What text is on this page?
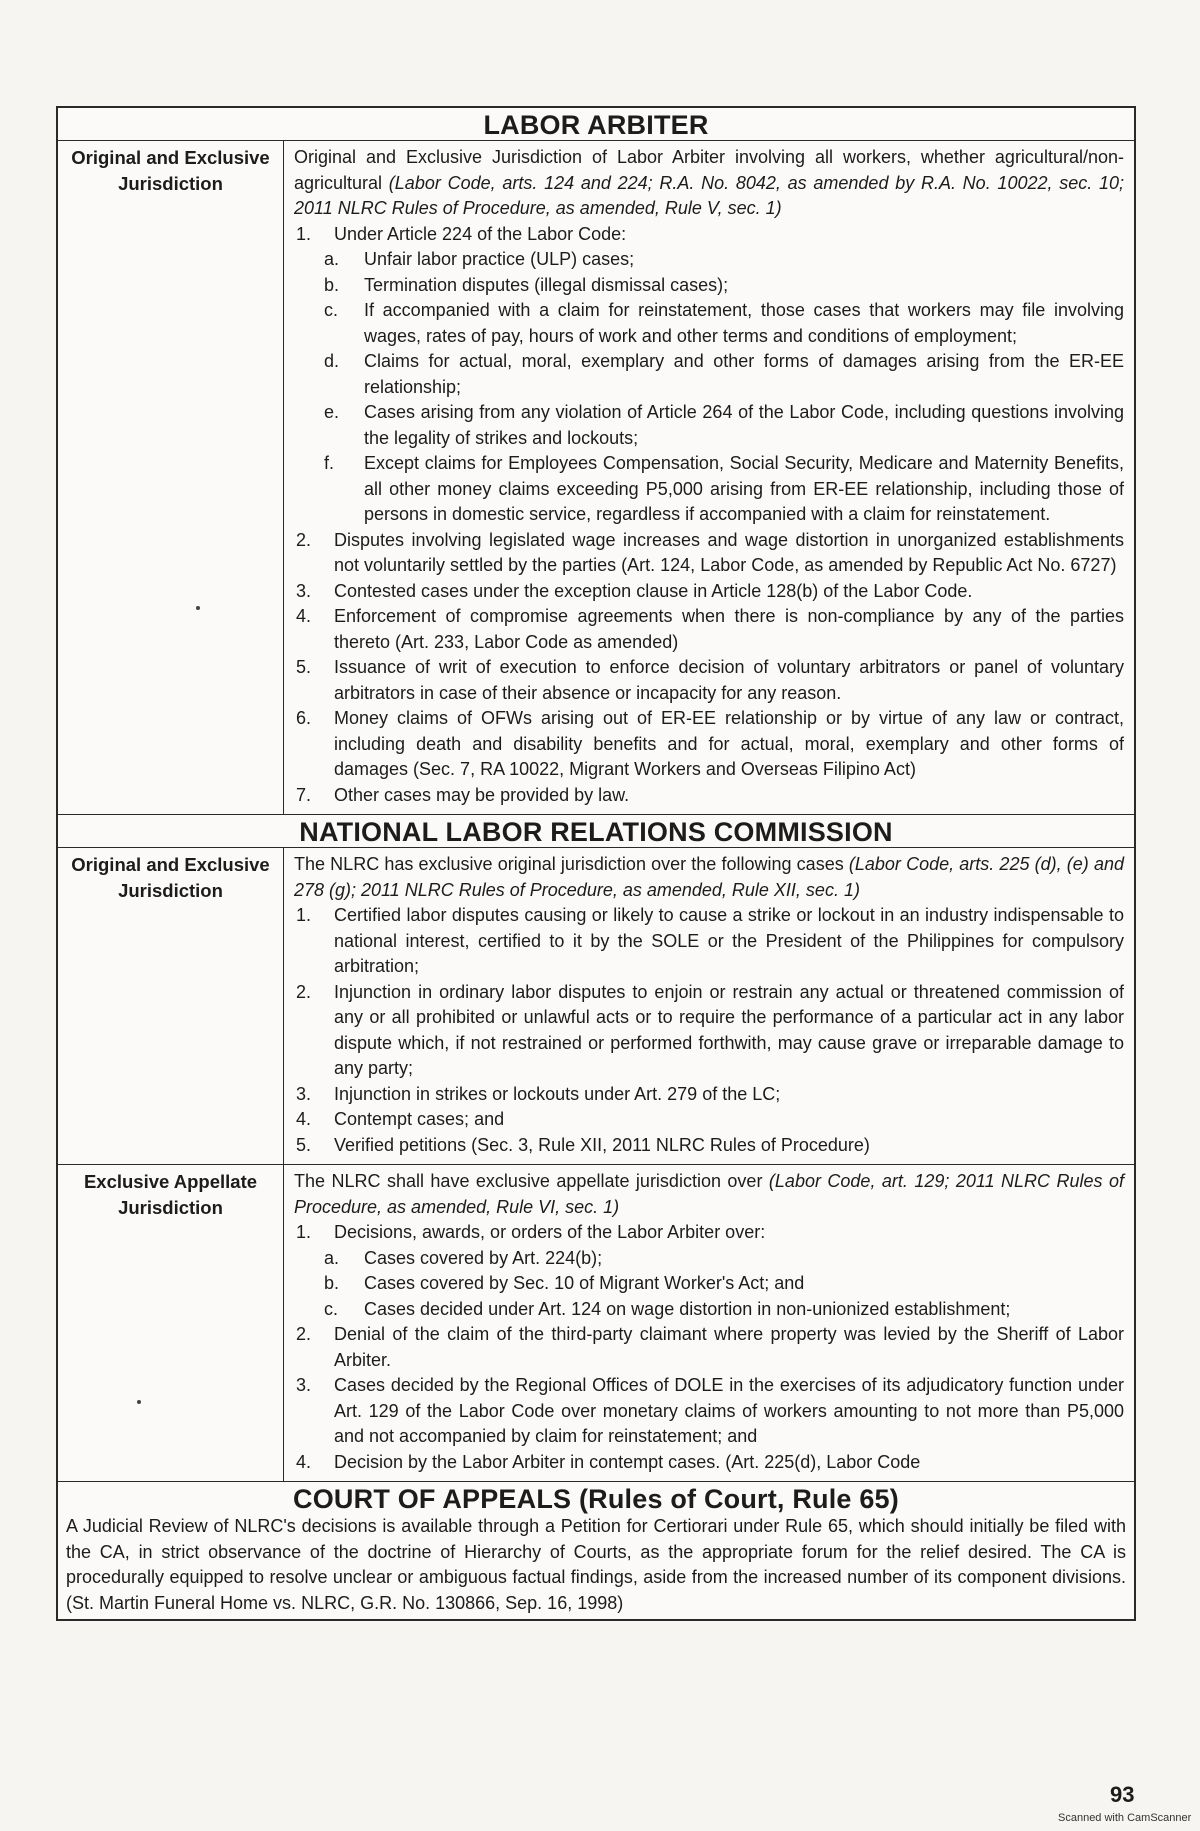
LABOR ARBITER
Original and Exclusive Jurisdiction

Original and Exclusive Jurisdiction of Labor Arbiter involving all workers, whether agricultural/non-agricultural (Labor Code, arts. 124 and 224; R.A. No. 8042, as amended by R.A. No. 10022, sec. 10; 2011 NLRC Rules of Procedure, as amended, Rule V, sec. 1)

1.	Under Article 224 of the Labor Code:
a.	Unfair labor practice (ULP) cases;
b.	Termination disputes (illegal dismissal cases);
c.	If accompanied with a claim for reinstatement, those cases that workers may file involving wages, rates of pay, hours of work and other terms and conditions of employment;
d.	Claims for actual, moral, exemplary and other forms of damages arising from the ER-EE relationship;
e.	Cases arising from any violation of Article 264 of the Labor Code, including questions involving the legality of strikes and lockouts;
f.	Except claims for Employees Compensation, Social Security, Medicare and Maternity Benefits, all other money claims exceeding P5,000 arising from ER-EE relationship, including those of persons in domestic service, regardless if accompanied with a claim for reinstatement.
2.	Disputes involving legislated wage increases and wage distortion in unorganized establishments not voluntarily settled by the parties (Art. 124, Labor Code, as amended by Republic Act No. 6727)
3.	Contested cases under the exception clause in Article 128(b) of the Labor Code.
4.	Enforcement of compromise agreements when there is non-compliance by any of the parties thereto (Art. 233, Labor Code as amended)
5.	Issuance of writ of execution to enforce decision of voluntary arbitrators or panel of voluntary arbitrators in case of their absence or incapacity for any reason.
6.	Money claims of OFWs arising out of ER-EE relationship or by virtue of any law or contract, including death and disability benefits and for actual, moral, exemplary and other forms of damages (Sec. 7, RA 10022, Migrant Workers and Overseas Filipino Act)
7.	Other cases may be provided by law.
NATIONAL LABOR RELATIONS COMMISSION
Original and Exclusive Jurisdiction

The NLRC has exclusive original jurisdiction over the following cases (Labor Code, arts. 225 (d), (e) and 278 (g); 2011 NLRC Rules of Procedure, as amended, Rule XII, sec. 1)

1.	Certified labor disputes causing or likely to cause a strike or lockout in an industry indispensable to national interest, certified to it by the SOLE or the President of the Philippines for compulsory arbitration;
2.	Injunction in ordinary labor disputes to enjoin or restrain any actual or threatened commission of any or all prohibited or unlawful acts or to require the performance of a particular act in any labor dispute which, if not restrained or performed forthwith, may cause grave or irreparable damage to any party;
3.	Injunction in strikes or lockouts under Art. 279 of the LC;
4.	Contempt cases; and
5.	Verified petitions (Sec. 3, Rule XII, 2011 NLRC Rules of Procedure)
Exclusive Appellate Jurisdiction

The NLRC shall have exclusive appellate jurisdiction over (Labor Code, art. 129; 2011 NLRC Rules of Procedure, as amended, Rule VI, sec. 1)

1.	Decisions, awards, or orders of the Labor Arbiter over:
a.	Cases covered by Art. 224(b);
b.	Cases covered by Sec. 10 of Migrant Worker's Act; and
c.	Cases decided under Art. 124 on wage distortion in non-unionized establishment;
2.	Denial of the claim of the third-party claimant where property was levied by the Sheriff of Labor Arbiter.
3.	Cases decided by the Regional Offices of DOLE in the exercises of its adjudicatory function under Art. 129 of the Labor Code over monetary claims of workers amounting to not more than P5,000 and not accompanied by claim for reinstatement; and
4.	Decision by the Labor Arbiter in contempt cases. (Art. 225(d), Labor Code
COURT OF APPEALS (Rules of Court, Rule 65)
A Judicial Review of NLRC's decisions is available through a Petition for Certiorari under Rule 65, which should initially be filed with the CA, in strict observance of the doctrine of Hierarchy of Courts, as the appropriate forum for the relief desired. The CA is procedurally equipped to resolve unclear or ambiguous factual findings, aside from the increased number of its component divisions. (St. Martin Funeral Home vs. NLRC, G.R. No. 130866, Sep. 16, 1998)
93
Scanned with CamScanner
